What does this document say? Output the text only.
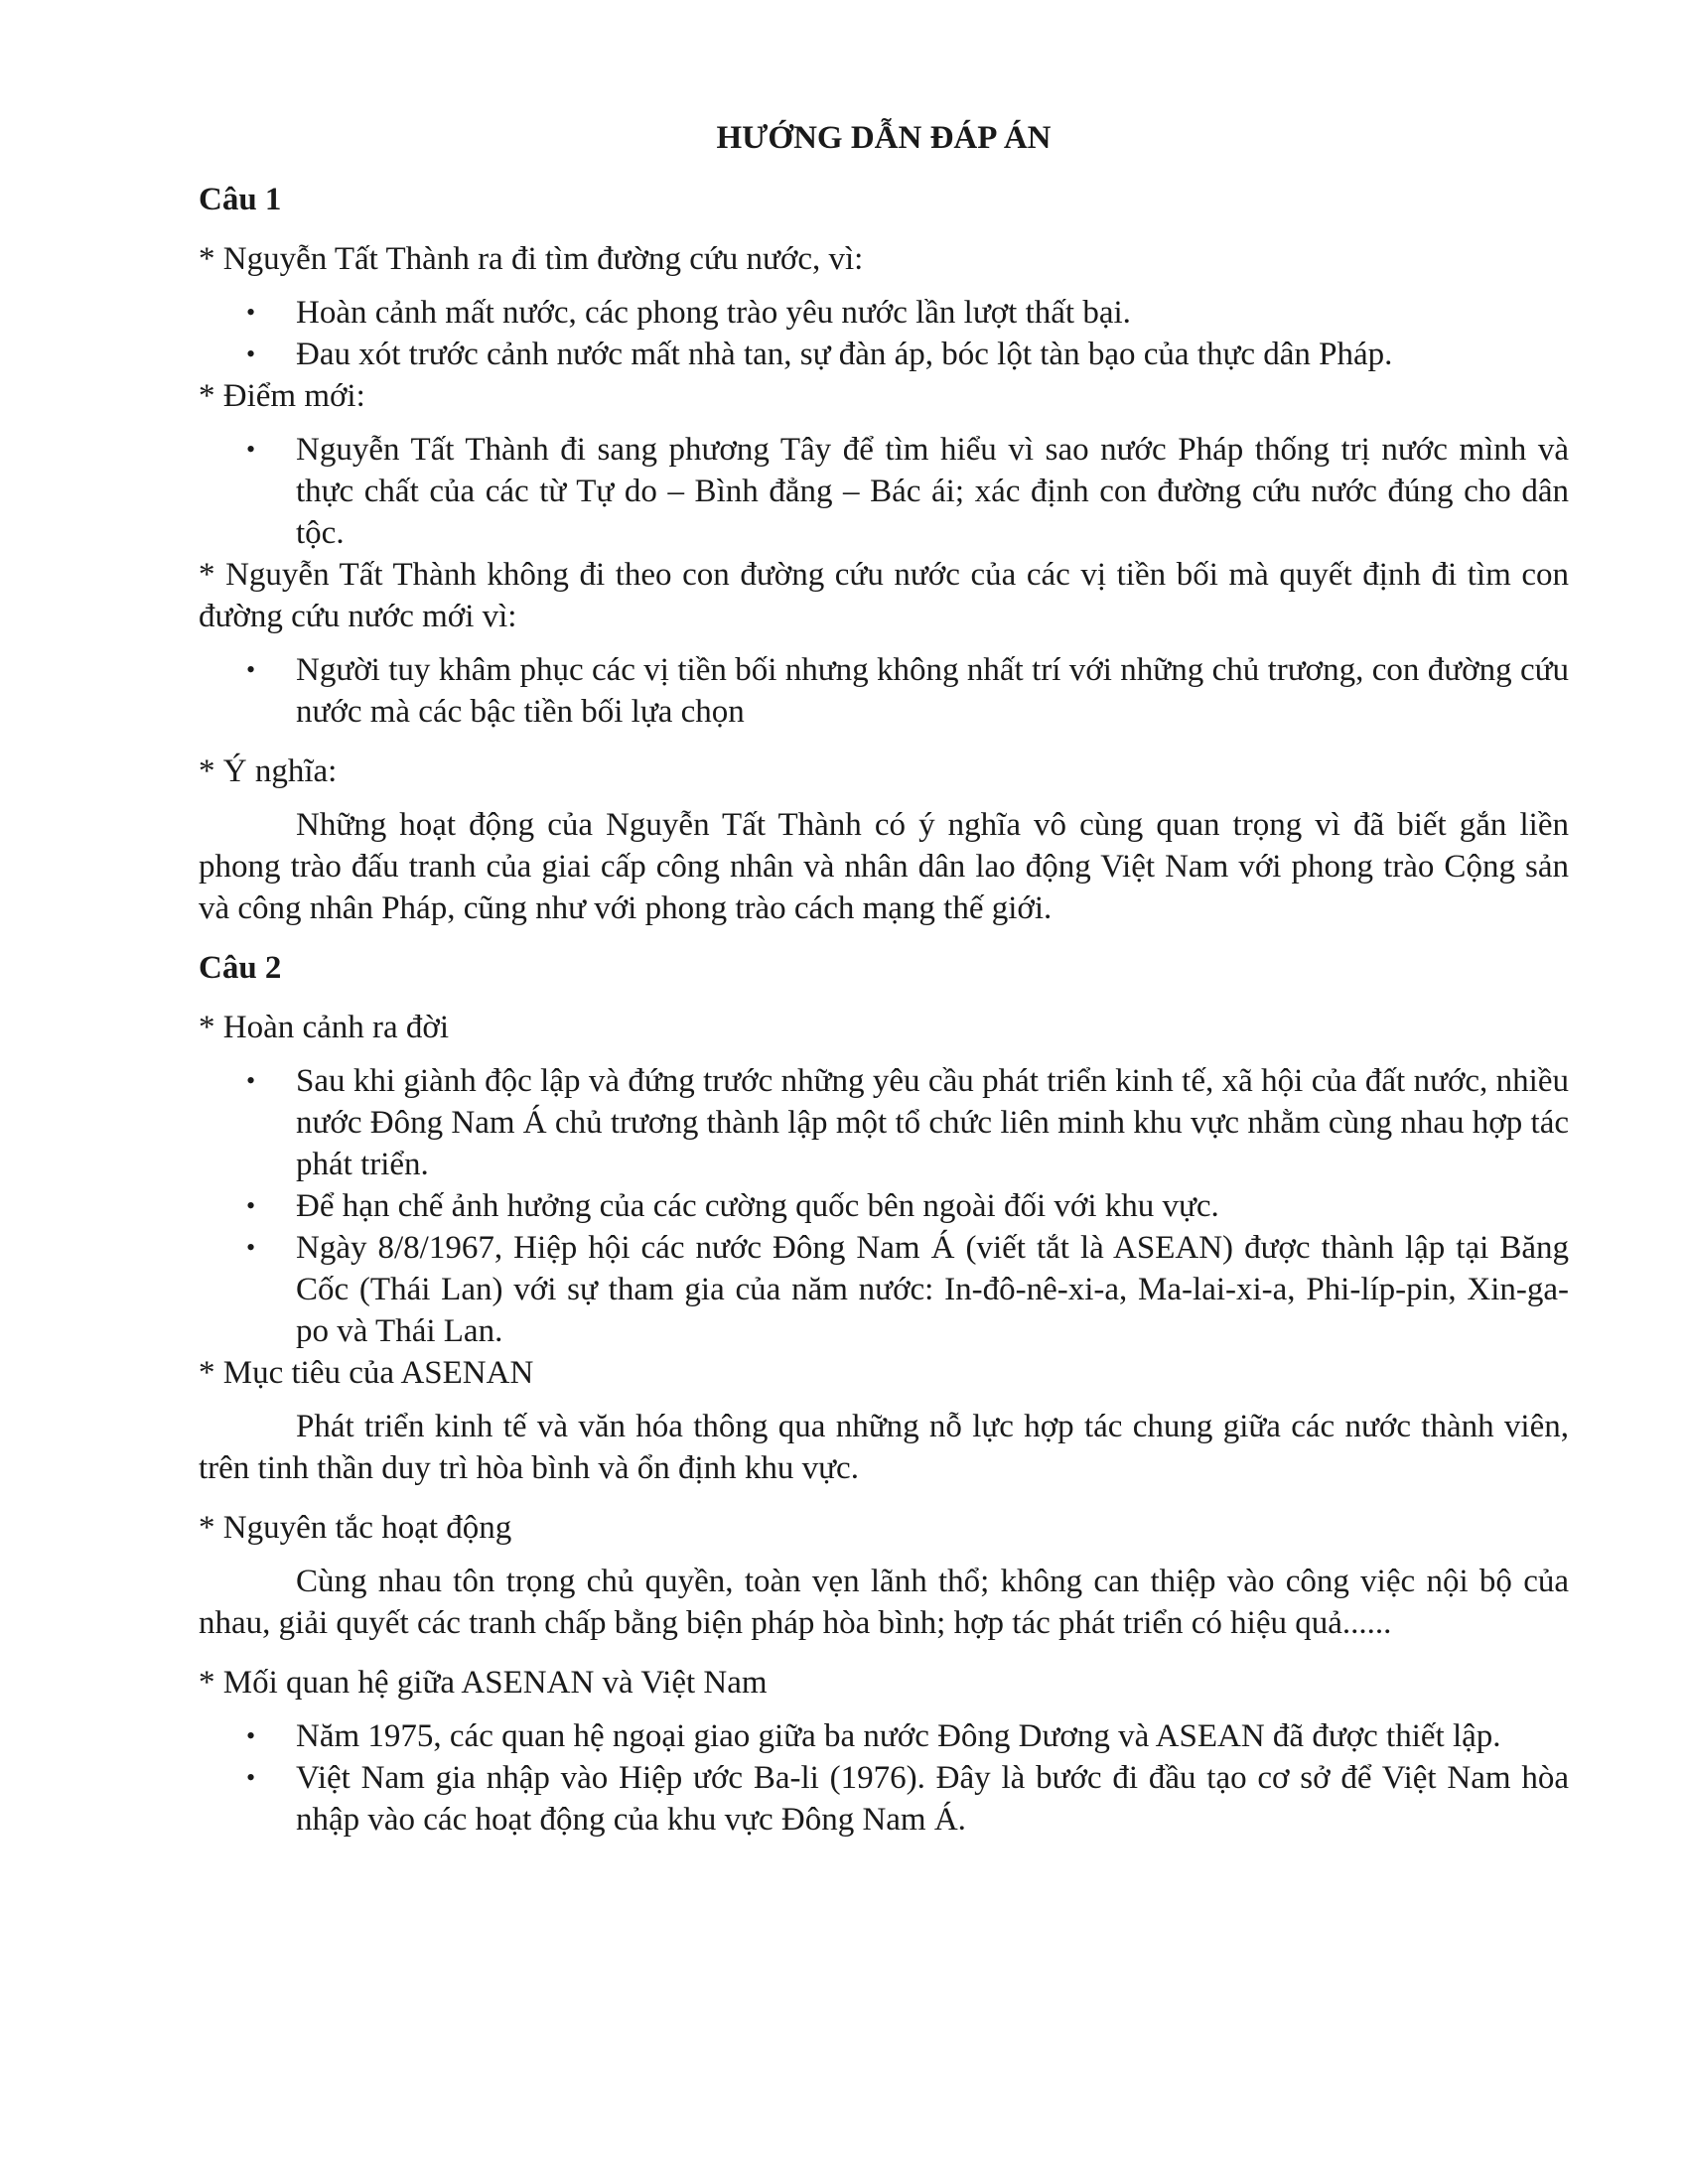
HƯỚNG DẪN ĐÁP ÁN
Câu 1
* Nguyễn Tất Thành ra đi tìm đường cứu nước, vì:
• Hoàn cảnh mất nước, các phong trào yêu nước lần lượt thất bại.
• Đau xót trước cảnh nước mất nhà tan, sự đàn áp, bóc lột tàn bạo của thực dân Pháp.
* Điểm mới:
• Nguyễn Tất Thành đi sang phương Tây để tìm hiểu vì sao nước Pháp thống trị nước mình và thực chất của các từ Tự do – Bình đẳng – Bác ái; xác định con đường cứu nước đúng cho dân tộc.
* Nguyễn Tất Thành không đi theo con đường cứu nước của các vị tiền bối mà quyết định đi tìm con đường cứu nước mới vì:
• Người tuy khâm phục các vị tiền bối nhưng không nhất trí với những chủ trương, con đường cứu nước mà các bậc tiền bối lựa chọn
* Ý nghĩa:
Những hoạt động của Nguyễn Tất Thành có ý nghĩa vô cùng quan trọng vì đã biết gắn liền phong trào đấu tranh của giai cấp công nhân và nhân dân lao động Việt Nam với phong trào Cộng sản và công nhân Pháp, cũng như với phong trào cách mạng thế giới.
Câu 2
* Hoàn cảnh ra đời
• Sau khi giành độc lập và đứng trước những yêu cầu phát triển kinh tế, xã hội của đất nước, nhiều nước Đông Nam Á chủ trương thành lập một tổ chức liên minh khu vực nhằm cùng nhau hợp tác phát triển.
• Để hạn chế ảnh hưởng của các cường quốc bên ngoài đối với khu vực.
• Ngày 8/8/1967, Hiệp hội các nước Đông Nam Á (viết tắt là ASEAN) được thành lập tại Băng Cốc (Thái Lan) với sự tham gia của năm nước: In-đô-nê-xi-a, Ma-lai-xi-a, Phi-líp-pin, Xin-ga-po và Thái Lan.
* Mục tiêu của ASENAN
Phát triển kinh tế và văn hóa thông qua những nỗ lực hợp tác chung giữa các nước thành viên, trên tinh thần duy trì hòa bình và ổn định khu vực.
* Nguyên tắc hoạt động
Cùng nhau tôn trọng chủ quyền, toàn vẹn lãnh thổ; không can thiệp vào công việc nội bộ của nhau, giải quyết các tranh chấp bằng biện pháp hòa bình; hợp tác phát triển có hiệu quả......
* Mối quan hệ giữa ASENAN và Việt Nam
• Năm 1975, các quan hệ ngoại giao giữa ba nước Đông Dương và ASEAN đã được thiết lập.
• Việt Nam gia nhập vào Hiệp ước Ba-li (1976). Đây là bước đi đầu tạo cơ sở để Việt Nam hòa nhập vào các hoạt động của khu vực Đông Nam Á.
